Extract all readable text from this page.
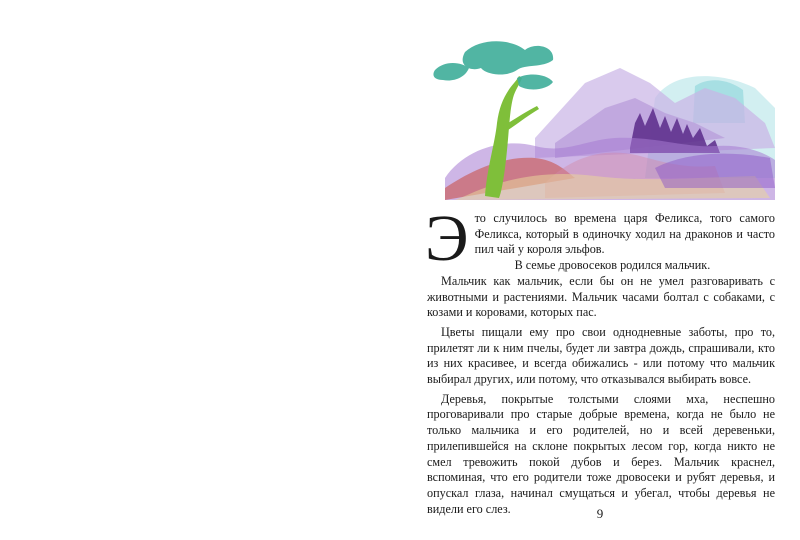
Это случилось во времена царя Феликса, того самого Феликса, который в одиночку ходил на драконов и часто пил чай у короля эльфов.

В семье дровосеков родился мальчик.

Мальчик как мальчик, если бы он не умел разговаривать с животными и растениями. Мальчик часами болтал с собаками, с козами и коровами, которых пас.

Цветы пищали ему про свои однодневные заботы, про то, прилетят ли к ним пчелы, будет ли завтра дождь, спрашивали, кто из них красивее, и всегда обижались - или потому что мальчик выбирал других, или потому, что отказывался выбирать вовсе.

Деревья, покрытые толстыми слоями мха, неспешно проговаривали про старые добрые времена, когда не было не только мальчика и его родителей, но и всей деревеньки, прилепившейся на склоне покрытых лесом гор, когда никто не смел тревожить покой дубов и берез. Мальчик краснел, вспоминая, что его родители тоже дровосеки и рубят деревья, и опускал глаза, начинал смущаться и убегал, чтобы деревья не видели его слез.	9
